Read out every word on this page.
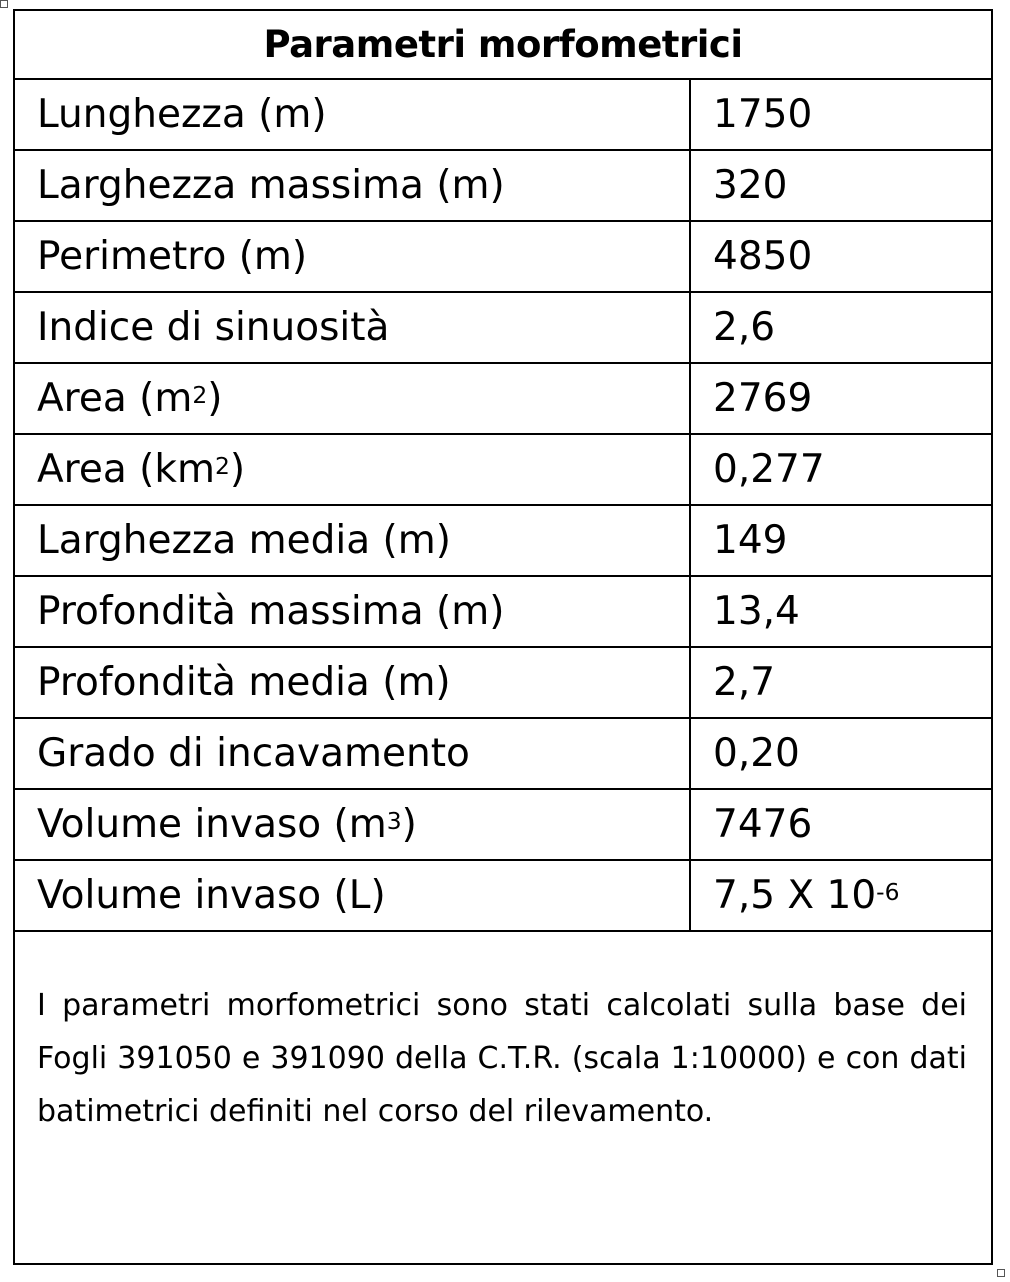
Parametri morfometrici
Lunghezza (m)	1750
Larghezza massima (m)	320
Perimetro (m)	4850
Indice di sinuosità	2,6
Area ($m^2$ )	2769
Area ($km^2$ )	0,277
Larghezza media (m)	149
Profondità massima (m)	13,4
Profondità media (m)	2,7
Grado di incavamento	0,20
Volume invaso ($m^3$ )	7476
Volume invaso (L)	7,5 X $10^{-6}$
I parametri morfometrici sono stati calcolati sulla base dei Fogli 391050 e 391090 della C.T.R. (scala 1:10000) e con dati batimetrici definiti nel corso del rilevamento.
